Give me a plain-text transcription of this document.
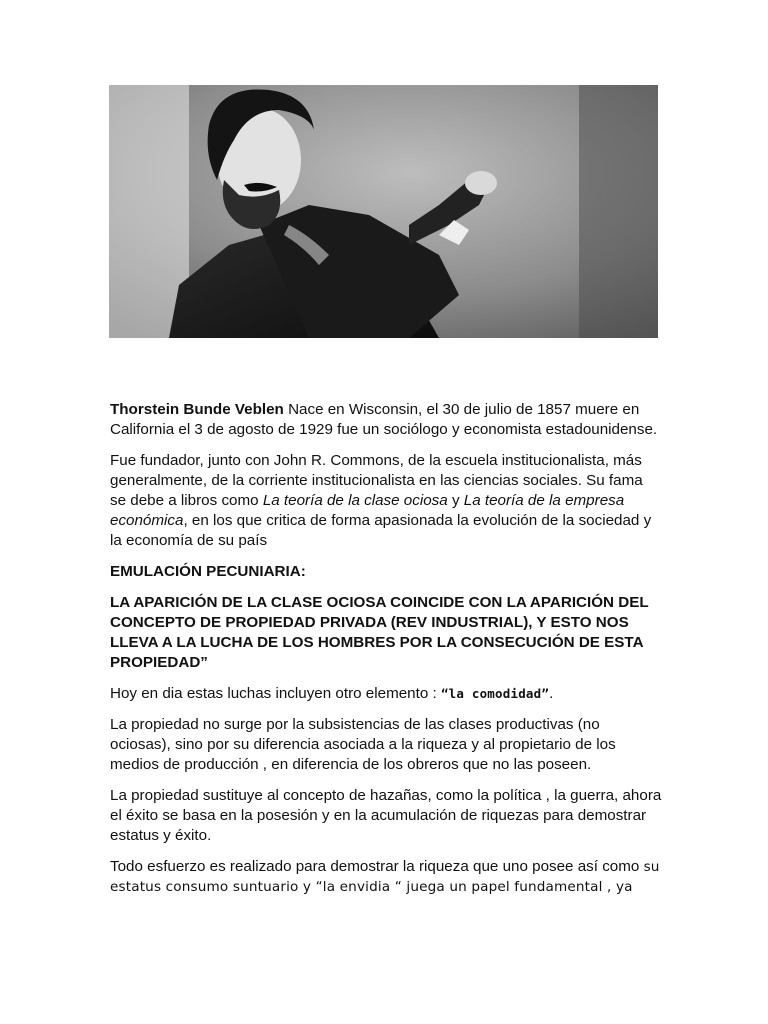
Thorstein Bunde Veblen Nace en Wisconsin, el 30 de julio de 1857 muere en California el 3 de agosto de 1929 fue un sociólogo y economista estadounidense.

Fue fundador, junto con John R. Commons, de la escuela institucionalista, más generalmente, de la corriente institucionalista en las ciencias sociales. Su fama se debe a libros como La teoría de la clase ociosa y La teoría de la empresa económica, en los que critica de forma apasionada la evolución de la sociedad y la economía de su país

EMULACIÓN PECUNIARIA:

LA APARICIÓN DE LA CLASE OCIOSA COINCIDE CON LA APARICIÓN DEL CONCEPTO DE PROPIEDAD PRIVADA (REV INDUSTRIAL), Y ESTO NOS LLEVA A LA LUCHA DE LOS HOMBRES POR LA CONSECUCIÓN DE ESTA PROPIEDAD”

Hoy en dia estas luchas incluyen otro elemento : “la comodidad”.

La propiedad no surge por la subsistencias de las clases productivas (no ociosas), sino por su diferencia asociada a la riqueza y al propietario de los medios de producción , en diferencia de los obreros que no las poseen.

La propiedad sustituye al concepto de hazañas, como la política , la guerra, ahora el éxito se basa en la posesión y en la acumulación de riquezas para demostrar estatus y éxito.

Todo esfuerzo es realizado para demostrar la riqueza que uno posee así como su estatus consumo suntuario y “la envidia “ juega un papel fundamental , ya
